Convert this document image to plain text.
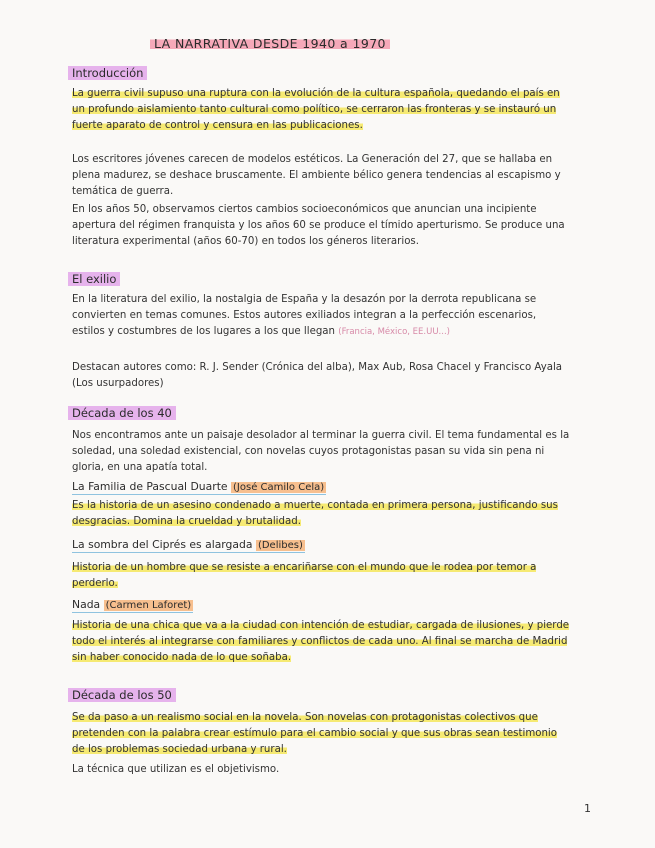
LA NARRATIVA DESDE 1940 a 1970
Introducción
La guerra civil supuso una ruptura con la evolución de la cultura española, quedando el país en un profundo aislamiento tanto cultural como político, se cerraron las fronteras y se instauró un fuerte aparato de control y censura en las publicaciones.
Los escritores jóvenes carecen de modelos estéticos. La Generación del 27, que se hallaba en plena madurez, se deshace bruscamente. El ambiente bélico genera tendencias al escapismo y temática de guerra.
En los años 50, observamos ciertos cambios socioeconómicos que anuncian una incipiente apertura del régimen franquista y los años 60 se produce el tímido aperturismo. Se produce una literatura experimental (años 60-70) en todos los géneros literarios.
El exilio
En la literatura del exilio, la nostalgia de España y la desazón por la derrota republicana se convierten en temas comunes. Estos autores exiliados integran a la perfección escenarios, estilos y costumbres de los lugares a los que llegan (Francia, México, EE.UU...)
Destacan autores como: R. J. Sender (Crónica del alba), Max Aub, Rosa Chacel y Francisco Ayala (Los usurpadores)
Década de los 40
Nos encontramos ante un paisaje desolador al terminar la guerra civil. El tema fundamental es la soledad, una soledad existencial, con novelas cuyos protagonistas pasan su vida sin pena ni gloria, en una apatía total.
La Familia de Pascual Duarte (José Camilo Cela)
Es la historia de un asesino condenado a muerte, contada en primera persona, justificando sus desgracias. Domina la crueldad y brutalidad.
La sombra del Ciprés es alargada (Delibes)
Historia de un hombre que se resiste a encariñarse con el mundo que le rodea por temor a perderlo.
Nada (Carmen Laforet)
Historia de una chica que va a la ciudad con intención de estudiar, cargada de ilusiones, y pierde todo el interés al integrarse con familiares y conflictos de cada uno. Al final se marcha de Madrid sin haber conocido nada de lo que soñaba.
Década de los 50
Se da paso a un realismo social en la novela. Son novelas con protagonistas colectivos que pretenden con la palabra crear estímulo para el cambio social y que sus obras sean testimonio de los problemas sociedad urbana y rural.
La técnica que utilizan es el objetivismo.
1
